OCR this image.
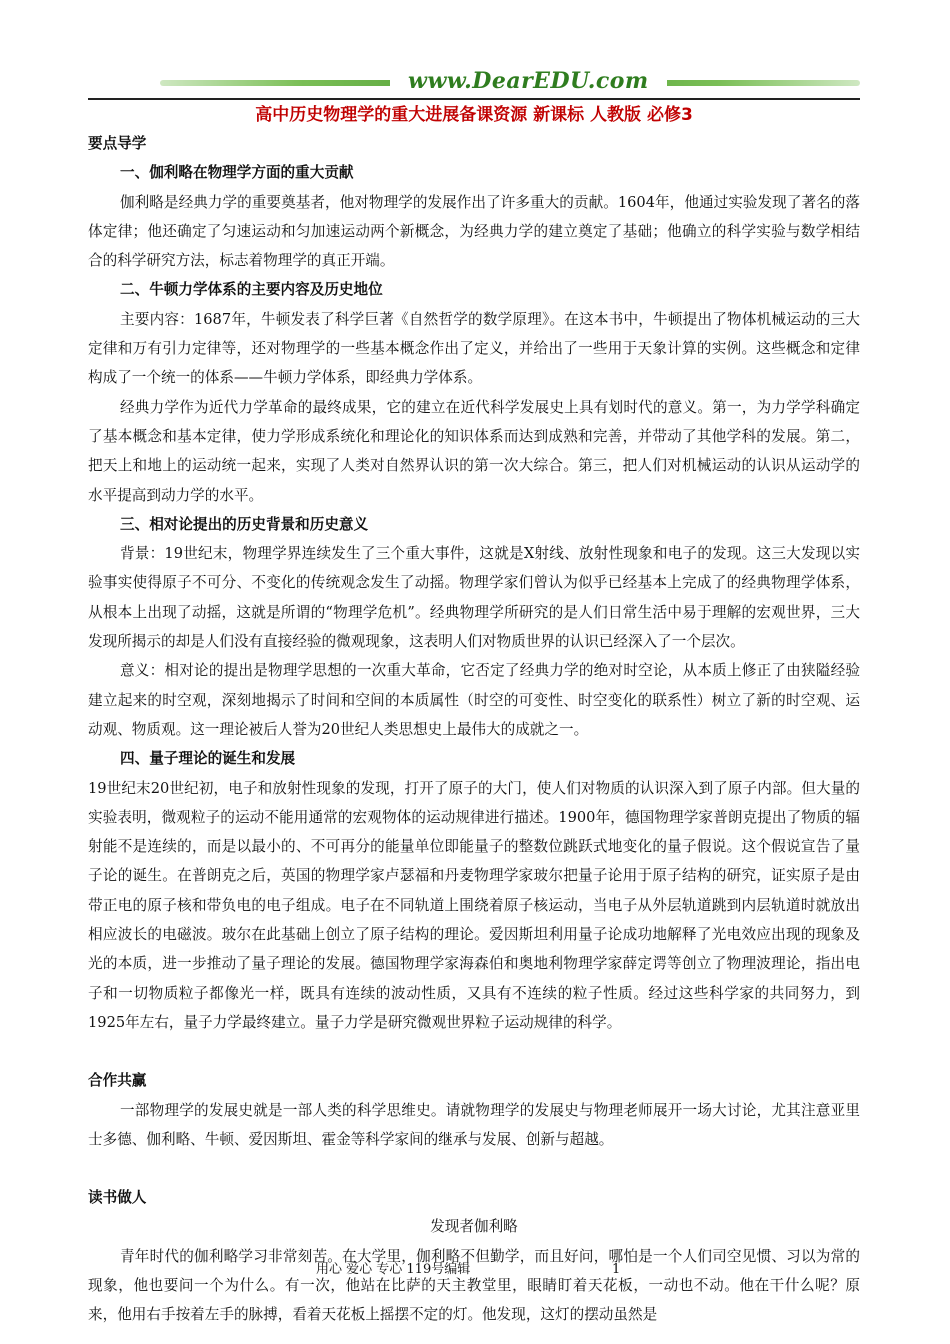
www.DearEDU.com
高中历史物理学的重大进展备课资源 新课标 人教版 必修3

要点导学

一、伽利略在物理学方面的重大贡献

伽利略是经典力学的重要奠基者，他对物理学的发展作出了许多重大的贡献。1604年，他通过实验发现了著名的落体定律；他还确定了匀速运动和匀加速运动两个新概念，为经典力学的建立奠定了基础；他确立的科学实验与数学相结合的科学研究方法，标志着物理学的真正开端。

二、牛顿力学体系的主要内容及历史地位

主要内容：1687年，牛顿发表了科学巨著《自然哲学的数学原理》。在这本书中，牛顿提出了物体机械运动的三大定律和万有引力定律等，还对物理学的一些基本概念作出了定义，并给出了一些用于天象计算的实例。这些概念和定律构成了一个统一的体系——牛顿力学体系，即经典力学体系。

经典力学作为近代力学革命的最终成果，它的建立在近代科学发展史上具有划时代的意义。第一，为力学学科确定了基本概念和基本定律，使力学形成系统化和理论化的知识体系而达到成熟和完善，并带动了其他学科的发展。第二，把天上和地上的运动统一起来，实现了人类对自然界认识的第一次大综合。第三，把人们对机械运动的认识从运动学的水平提高到动力学的水平。

三、相对论提出的历史背景和历史意义

背景：19世纪末，物理学界连续发生了三个重大事件，这就是X射线、放射性现象和电子的发现。这三大发现以实验事实使得原子不可分、不变化的传统观念发生了动摇。物理学家们曾认为似乎已经基本上完成了的经典物理学体系，从根本上出现了动摇，这就是所谓的“物理学危机”。经典物理学所研究的是人们日常生活中易于理解的宏观世界，三大发现所揭示的却是人们没有直接经验的微观现象，这表明人们对物质世界的认识已经深入了一个层次。

意义：相对论的提出是物理学思想的一次重大革命，它否定了经典力学的绝对时空论，从本质上修正了由狭隘经验建立起来的时空观，深刻地揭示了时间和空间的本质属性（时空的可变性、时空变化的联系性）树立了新的时空观、运动观、物质观。这一理论被后人誉为20世纪人类思想史上最伟大的成就之一。

四、量子理论的诞生和发展

19世纪末20世纪初，电子和放射性现象的发现，打开了原子的大门，使人们对物质的认识深入到了原子内部。但大量的实验表明，微观粒子的运动不能用通常的宏观物体的运动规律进行描述。1900年，德国物理学家普朗克提出了物质的辐射能不是连续的，而是以最小的、不可再分的能量单位即能量子的整数位跳跃式地变化的量子假说。这个假说宣告了量子论的诞生。在普朗克之后，英国的物理学家卢瑟福和丹麦物理学家玻尔把量子论用于原子结构的研究，证实原子是由带正电的原子核和带负电的电子组成。电子在不同轨道上围绕着原子核运动，当电子从外层轨道跳到内层轨道时就放出相应波长的电磁波。玻尔在此基础上创立了原子结构的理论。爱因斯坦利用量子论成功地解释了光电效应出现的现象及光的本质，进一步推动了量子理论的发展。德国物理学家海森伯和奥地利物理学家薛定谔等创立了物理波理论，指出电子和一切物质粒子都像光一样，既具有连续的波动性质，又具有不连续的粒子性质。经过这些科学家的共同努力，到1925年左右，量子力学最终建立。量子力学是研究微观世界粒子运动规律的科学。

合作共赢

一部物理学的发展史就是一部人类的科学思维史。请就物理学的发展史与物理老师展开一场大讨论，尤其注意亚里士多德、伽利略、牛顿、爱因斯坦、霍金等科学家间的继承与发展、创新与超越。

读书做人

发现者伽利略

青年时代的伽利略学习非常刻苦。在大学里，伽利略不但勤学，而且好问，哪怕是一个人们司空见惯、习以为常的现象，他也要问一个为什么。有一次，他站在比萨的天主教堂里，眼睛盯着天花板，一动也不动。他在干什么呢？原来，他用右手按着左手的脉搏，看着天花板上摇摆不定的灯。他发现，这灯的摆动虽然是

用心 爱心 专心 119号编辑	1
